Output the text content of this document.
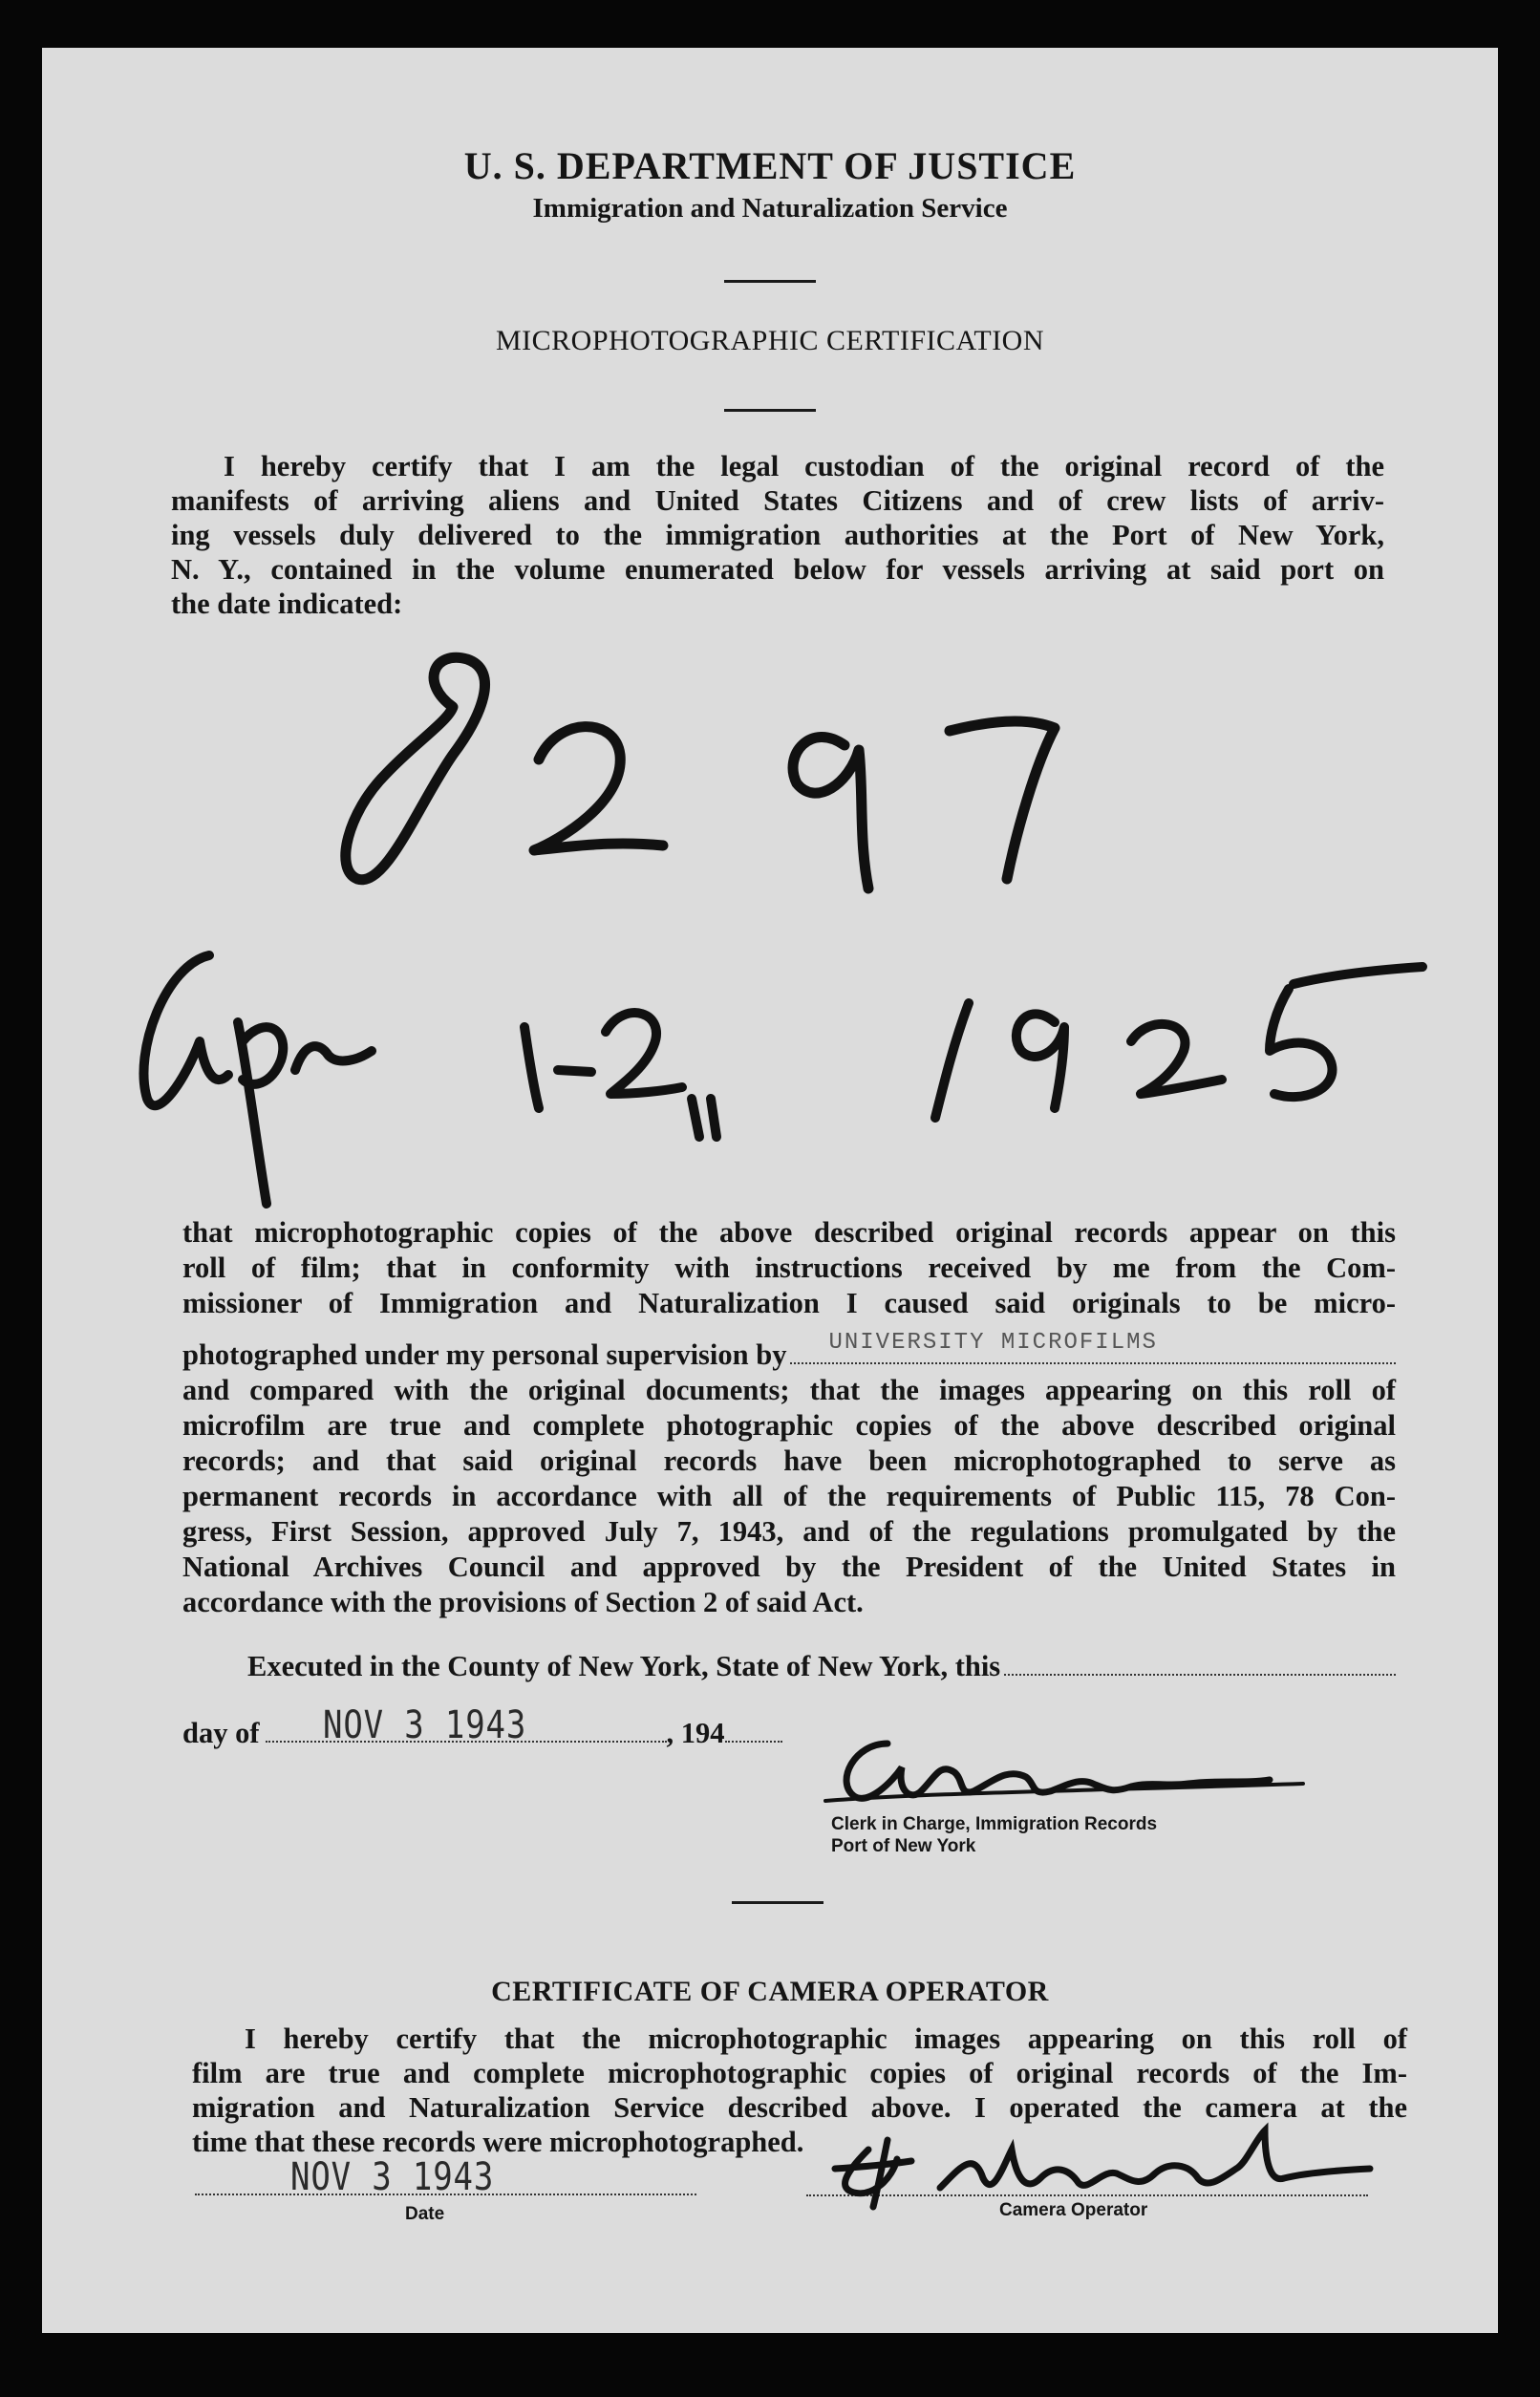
U. S. DEPARTMENT OF JUSTICE
Immigration and Naturalization Service
MICROPHOTOGRAPHIC CERTIFICATION
I hereby certify that I am the legal custodian of the original record of the
manifests of arriving aliens and United States Citizens and of crew lists of arriv-
ing vessels duly delivered to the immigration authorities at the Port of New York,
N. Y., contained in the volume enumerated below for vessels arriving at said port on
the date indicated:
that microphotographic copies of the above described original records appear on this
roll of film; that in conformity with instructions received by me from the Com-
missioner of Immigration and Naturalization I caused said originals to be micro-
photographed under my personal supervision by UNIVERSITY MICROFILMS
and compared with the original documents; that the images appearing on this roll of
microfilm are true and complete photographic copies of the above described original
records; and that said original records have been microphotographed to serve as
permanent records in accordance with all of the requirements of Public 115, 78 Con-
gress, First Session, approved July 7, 1943, and of the regulations promulgated by the
National Archives Council and approved by the President of the United States in
accordance with the provisions of Section 2 of said Act.
Executed in the County of New York, State of New York, this
day of NOV 3 1943	, 194
Clerk in Charge, Immigration Records
Port of New York
CERTIFICATE OF CAMERA OPERATOR
I hereby certify that the microphotographic images appearing on this roll of
film are true and complete microphotographic copies of original records of the Im-
migration and Naturalization Service described above. I operated the camera at the
time that these records were microphotographed.
NOV 3 1943
Date	Camera Operator
